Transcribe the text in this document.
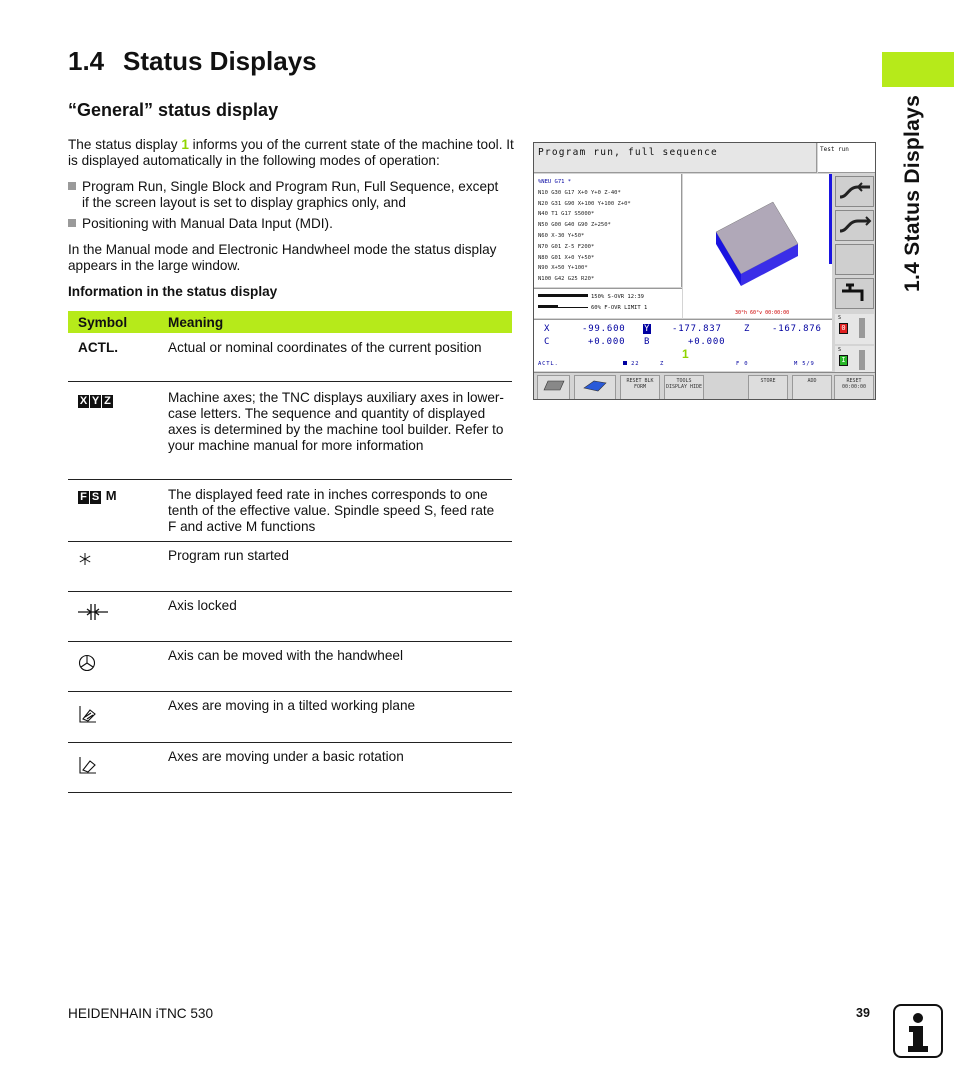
1.4 Status Displays
1.4 Status Displays
“General” status display
The status display 1 informs you of the current state of the machine tool. It is displayed automatically in the following modes of operation:
Program Run, Single Block and Program Run, Full Sequence, except
if the screen layout is set to display graphics only, and
Positioning with Manual Data Input (MDI).
In the Manual mode and Electronic Handwheel mode the status display appears in the large window.
Information in the status display
Symbol	Meaning
ACTL.	Actual or nominal coordinates of the current position
X Y Z	Machine axes; the TNC displays auxiliary axes in lower-case letters. The sequence and quantity of displayed axes is determined by the machine tool builder. Refer to your machine manual for more information
F S M	The displayed feed rate in inches corresponds to one tenth of the effective value. Spindle speed S, feed rate F and active M functions
Program run started
Axis locked
Axis can be moved with the handwheel
Axes are moving in a tilted working plane
Axes are moving under a basic rotation
Program run, full sequence	Test run
%NEU G71 *
N10 G30 G17 X+0 Y+0 Z-40*
N20 G31 G90 X+100 Y+100 Z+0*
N40 T1 G17 S5000*
N50 G00 G40 G90 Z+250*
N60 X-30 Y+50*
N70 G01 Z-5 F200*
N80 G01 X+0 Y+50*
N90 X+50 Y+100*
N100 G42 G25 R20*
30°h 60°v 00:00:00
150% S-OVR 12:39
60% F-OVR LIMIT 1
S
0
S
I
X	-99.600 Y -177.837 Z -167.876
C	+0.000 B	+0.000
1
ACTL.	22	Z	F 0	M 5/9
RESET BLK FORM
TOOLS DISPLAY HIDE
STORE	ADD	RESET 00:00:00
HEIDENHAIN iTNC 530	39
